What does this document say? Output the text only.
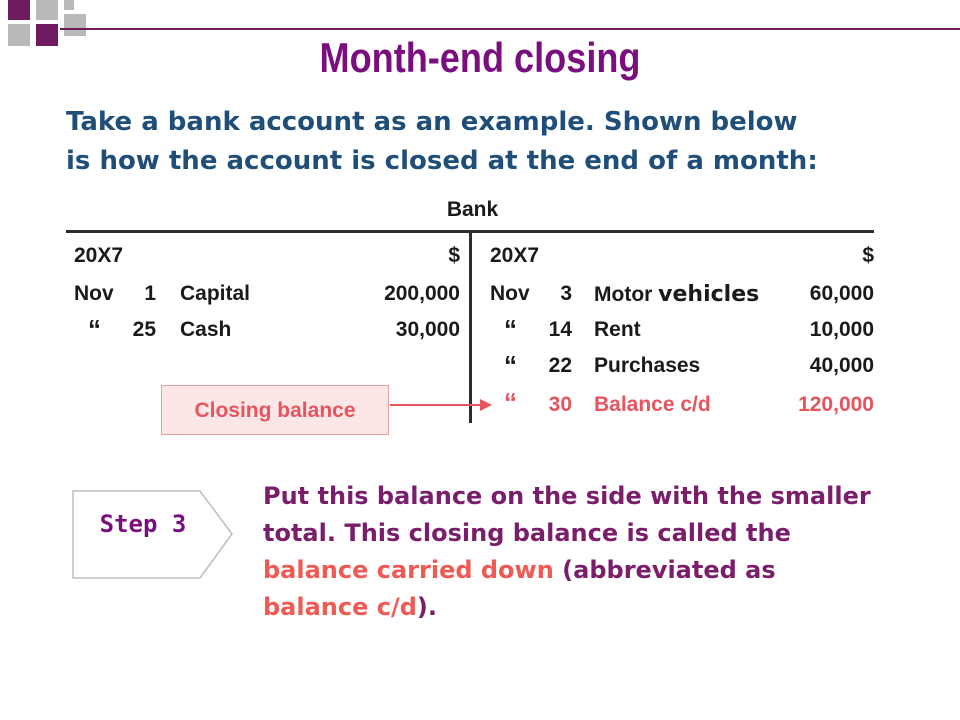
Month-end closing
Take a bank account as an example. Shown below
is how the account is closed at the end of a month:
Bank
20X7	$
Nov	1 Capital	200,000
“	25 Cash	30,000
20X7	$
Nov	3 Motor vehicles	60,000
“	14 Rent	10,000
“	22 Purchases	40,000
“	30 Balance c/d	120,000
Closing balance
Step 3
Put this balance on the side with the smaller total. This closing balance is called the balance carried down (abbreviated as balance c/d).
